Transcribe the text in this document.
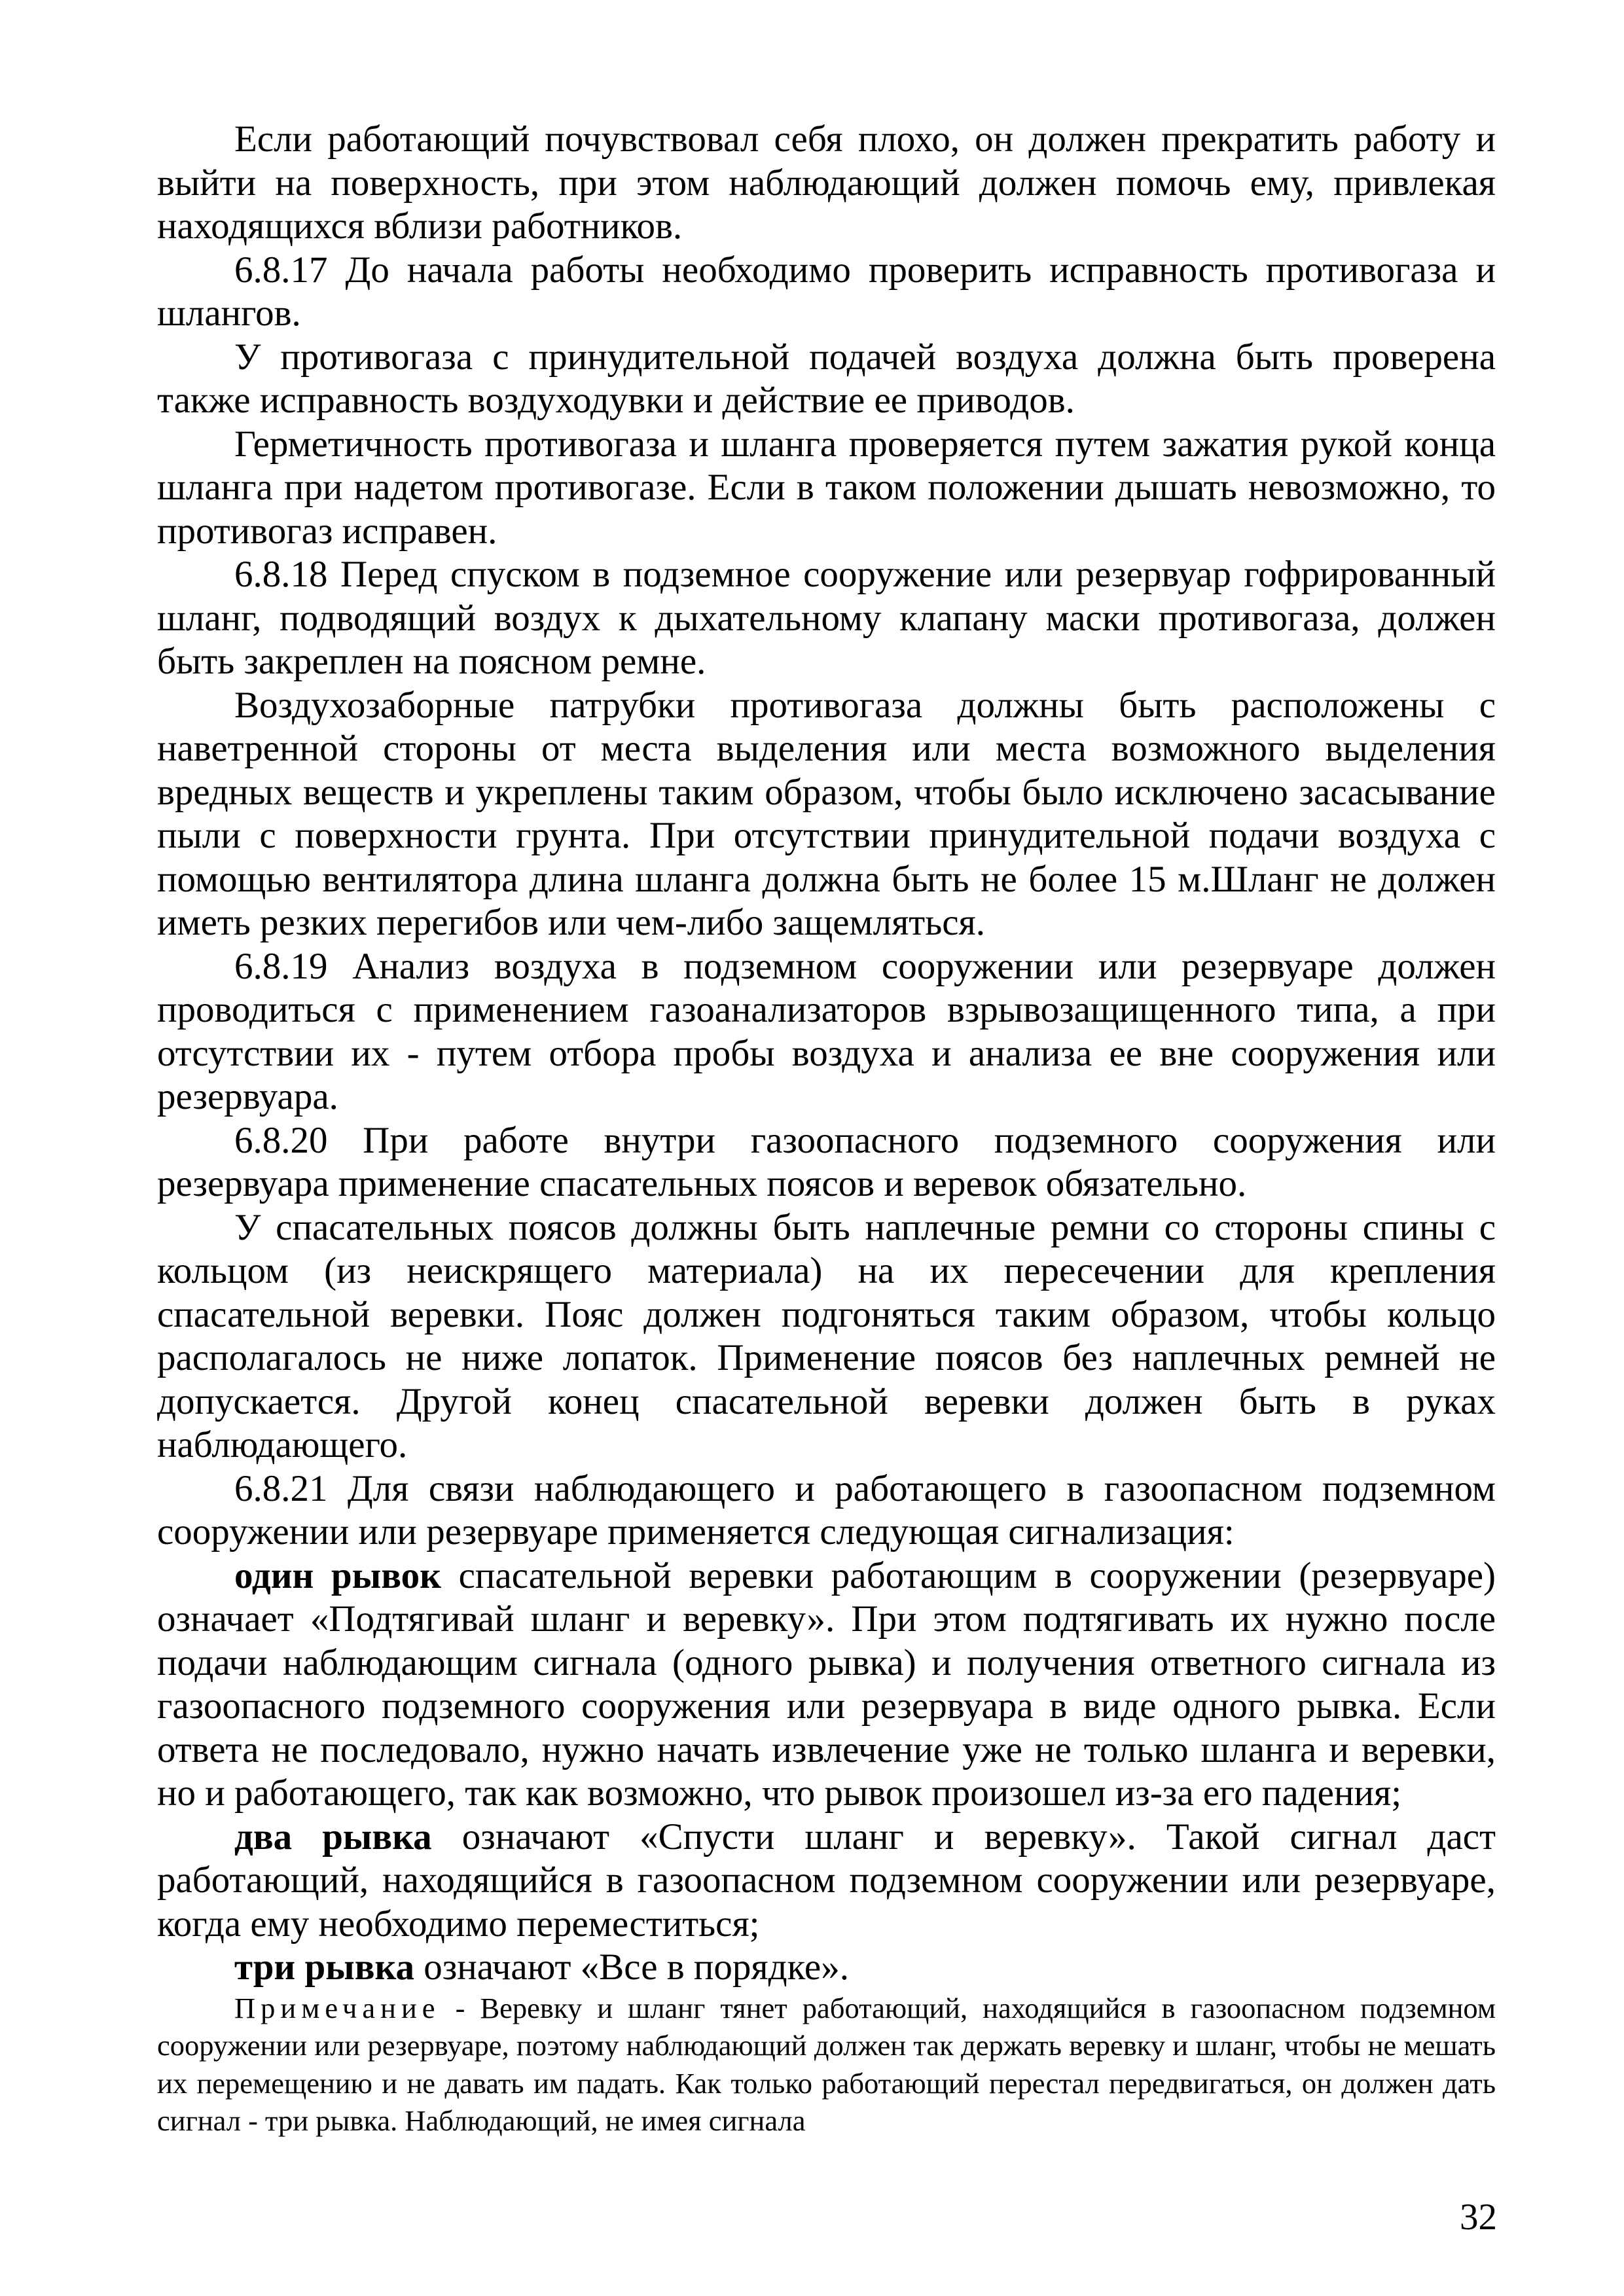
Если работающий почувствовал себя плохо, он должен прекратить работу и выйти на поверхность, при этом наблюдающий должен помочь ему, привлекая находящихся вблизи работников.

6.8.17 До начала работы необходимо проверить исправность противогаза и шлангов.

У противогаза с принудительной подачей воздуха должна быть проверена также исправность воздуходувки и действие ее приводов.

Герметичность противогаза и шланга проверяется путем зажатия рукой конца шланга при надетом противогазе. Если в таком положении дышать невозможно, то противогаз исправен.

6.8.18 Перед спуском в подземное сооружение или резервуар гофрированный шланг, подводящий воздух к дыхательному клапану маски противогаза, должен быть закреплен на поясном ремне.

Воздухозаборные патрубки противогаза должны быть расположены с наветренной стороны от места выделения или места возможного выделения вредных веществ и укреплены таким образом, чтобы было исключено засасывание пыли с поверхности грунта. При отсутствии принудительной подачи воздуха с помощью вентилятора длина шланга должна быть не более 15 м.Шланг не должен иметь резких перегибов или чем-либо защемляться.

6.8.19 Анализ воздуха в подземном сооружении или резервуаре должен проводиться с применением газоанализаторов взрывозащищенного типа, а при отсутствии их - путем отбора пробы воздуха и анализа ее вне сооружения или резервуара.

6.8.20 При работе внутри газоопасного подземного сооружения или резервуара применение спасательных поясов и веревок обязательно.

У спасательных поясов должны быть наплечные ремни со стороны спины с кольцом (из неискрящего материала) на их пересечении для крепления спасательной веревки. Пояс должен подгоняться таким образом, чтобы кольцо располагалось не ниже лопаток. Применение поясов без наплечных ремней не допускается. Другой конец спасательной веревки должен быть в руках наблюдающего.

6.8.21 Для связи наблюдающего и работающего в газоопасном подземном сооружении или резервуаре применяется следующая сигнализация:

один рывок спасательной веревки работающим в сооружении (резервуаре) означает «Подтягивай шланг и веревку». При этом подтягивать их нужно после подачи наблюдающим сигнала (одного рывка) и получения ответного сигнала из газоопасного подземного сооружения или резервуара в виде одного рывка. Если ответа не последовало, нужно начать извлечение уже не только шланга и веревки, но и работающего, так как возможно, что рывок произошел из-за его падения;

два рывка означают «Спусти шланг и веревку». Такой сигнал даст работающий, находящийся в газоопасном подземном сооружении или резервуаре, когда ему необходимо переместиться;

три рывка означают «Все в порядке».

Примечание - Веревку и шланг тянет работающий, находящийся в газоопасном подземном сооружении или резервуаре, поэтому наблюдающий должен так держать веревку и шланг, чтобы не мешать их перемещению и не давать им падать. Как только работающий перестал передвигаться, он должен дать сигнал - три рывка. Наблюдающий, не имея сигнала

32
